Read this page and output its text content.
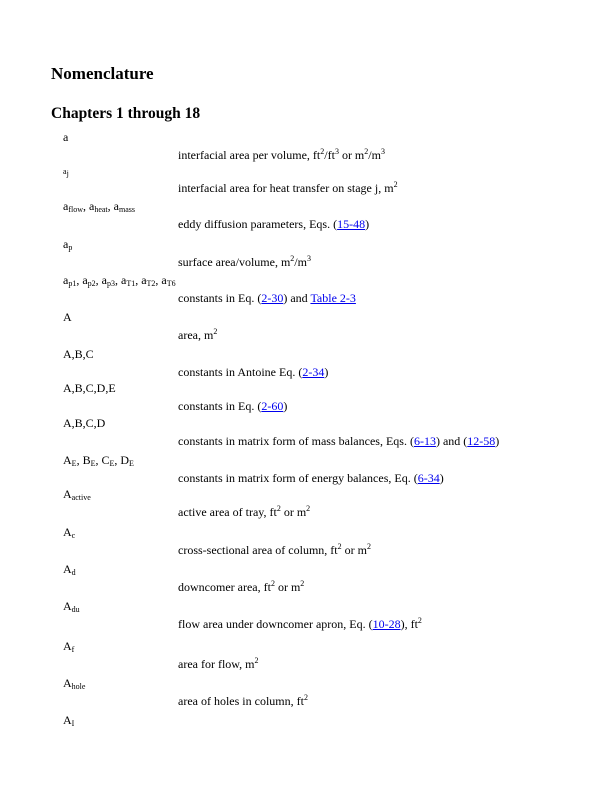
Nomenclature
Chapters 1 through 18
a
interfacial area per volume, $ft^2/ft^3$ or $m^2/m^3$
$a_j$
interfacial area for heat transfer on stage j, $m^2$
$a_{flow}$, $a_{heat}$, $a_{mass}$
eddy diffusion parameters, Eqs. (15-48)
$a_p$
surface area/volume, $m^2/m^3$
$a_{p1}$, $a_{p2}$, $a_{p3}$, $a_{T1}$, $a_{T2}$, $a_{T6}$
constants in Eq. (2-30) and Table 2-3
A
area, $m^2$
A,B,C
constants in Antoine Eq. (2-34)
A,B,C,D,E
constants in Eq. (2-60)
A,B,C,D
constants in matrix form of mass balances, Eqs. (6-13) and (12-58)
$A_E$, $B_E$, $C_E$, $D_E$
constants in matrix form of energy balances, Eq. (6-34)
$A_{active}$
active area of tray, $ft^2$ or $m^2$
$A_c$
cross-sectional area of column, $ft^2$ or $m^2$
$A_d$
downcomer area, $ft^2$ or $m^2$
$A_{du}$
flow area under downcomer apron, Eq. (10-28), $ft^2$
$A_f$
area for flow, $m^2$
$A_{hole}$
area of holes in column, $ft^2$
$A_I$
